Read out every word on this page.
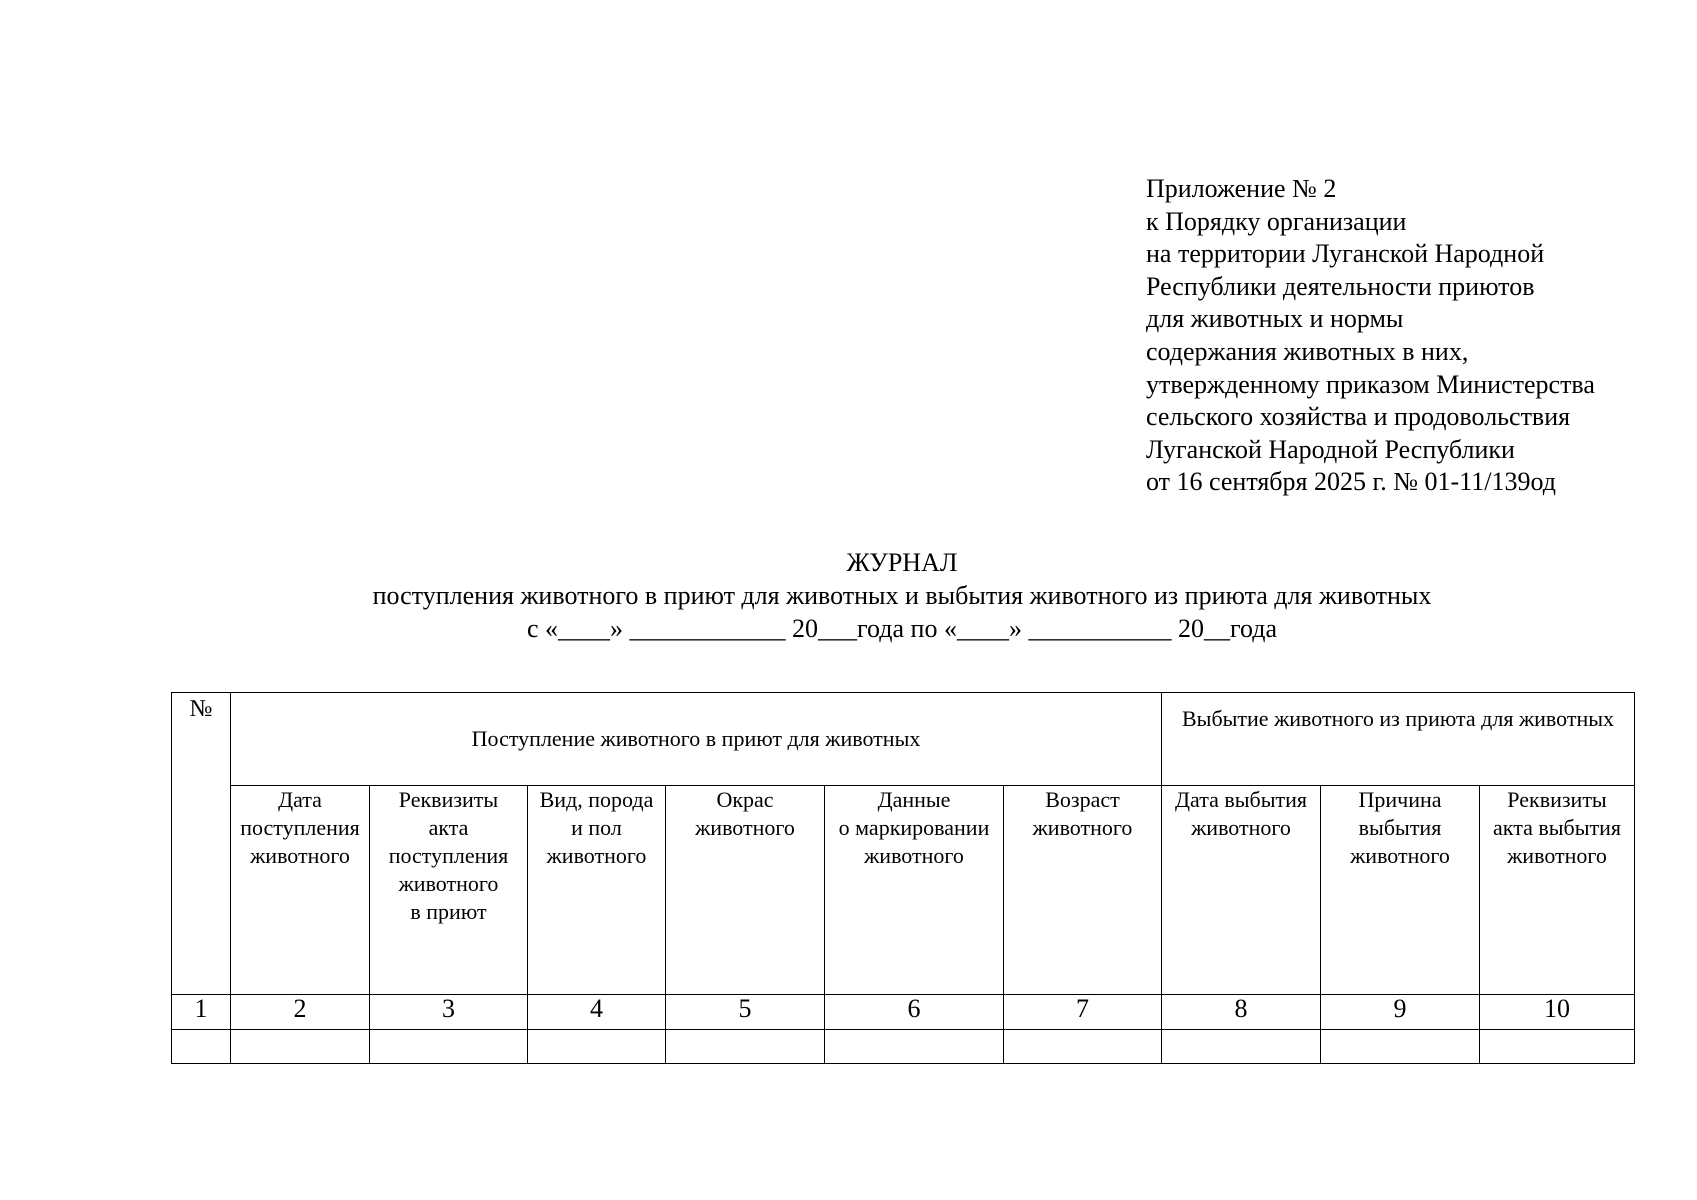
Приложение № 2
к Порядку организации
на территории Луганской Народной
Республики деятельности приютов
для животных и нормы
содержания животных в них,
утвержденному приказом Министерства
сельского хозяйства и продовольствия
Луганской Народной Республики
от 16 сентября 2025 г. № 01-11/139од
ЖУРНАЛ
поступления животного в приют для животных и выбытия животного из приюта для животных
с «____» ____________ 20___года по «____» ___________ 20__года
№	Поступление животного в приют для животных						Выбытие животного из приюта для животных		
	Дата
поступления
животного	Реквизиты
акта
поступления
животного
в приют	Вид, порода
и пол
животного	Окрас
животного	Данные
о маркировании
животного	Возраст
животного	Дата выбытия
животного	Причина
выбытия
животного	Реквизиты
акта выбытия
животного
1	2	3	4	5	6	7	8	9	10
